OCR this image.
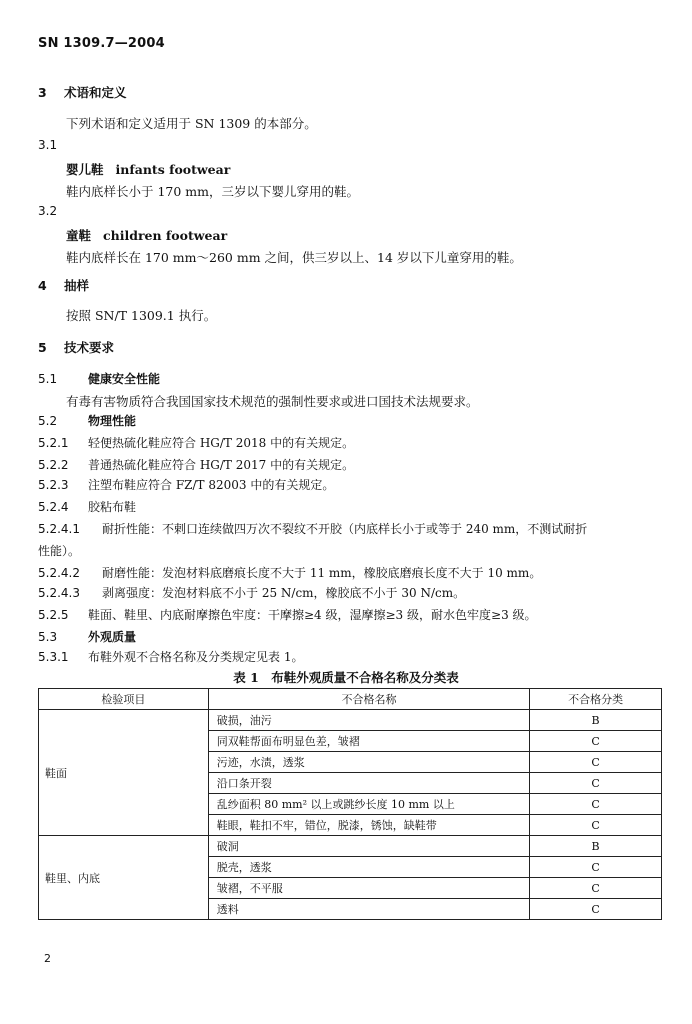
SN 1309.7—2004
3 术语和定义
下列术语和定义适用于 SN 1309 的本部分。
3.1
婴儿鞋 infants footwear
鞋内底样长小于 170 mm，三岁以下婴儿穿用的鞋。
3.2
童鞋 children footwear
鞋内底样长在 170 mm～260 mm 之间，供三岁以上、14 岁以下儿童穿用的鞋。
4 抽样
按照 SN/T 1309.1 执行。
5 技术要求
5.1	健康安全性能
有毒有害物质符合我国国家技术规范的强制性要求或进口国技术法规要求。
5.2	物理性能
5.2.1 轻便热硫化鞋应符合 HG/T 2018 中的有关规定。
5.2.2 普通热硫化鞋应符合 HG/T 2017 中的有关规定。
5.2.3 注塑布鞋应符合 FZ/T 82003 中的有关规定。
5.2.4 胶粘布鞋
5.2.4.1 耐折性能：不剌口连续做四万次不裂纹不开胶（内底样长小于或等于 240 mm，不测试耐折
性能）。
5.2.4.2 耐磨性能：发泡材料底磨痕长度不大于 11 mm，橡胶底磨痕长度不大于 10 mm。
5.2.4.3 剥离强度：发泡材料底不小于 25 N/cm，橡胶底不小于 30 N/cm。
5.2.5 鞋面、鞋里、内底耐摩擦色牢度：干摩擦≥4 级，湿摩擦≥3 级，耐水色牢度≥3 级。
5.3	外观质量
5.3.1 布鞋外观不合格名称及分类规定见表 1。
表 1　布鞋外观质量不合格名称及分类表
检验项目	不合格名称	不合格分类
鞋面	破损，油污	B
	同双鞋帮面布明显色差，皱褶	C
	污迹，水渍，透浆	C
	沿口条开裂	C
	乱纱面积 80 mm² 以上或跳纱长度 10 mm 以上	C
	鞋眼，鞋扣不牢，错位，脱漆，锈蚀，缺鞋带	C
鞋里、内底	破洞	B
	脱壳，透浆	C
	皱褶，不平服	C
	透料	C
2
